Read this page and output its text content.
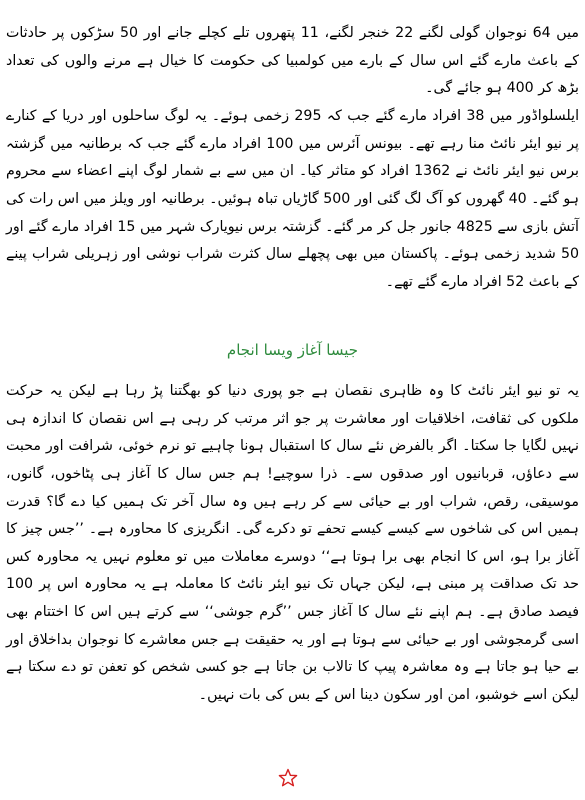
میں 64 نوجوان گولی لگنے 22 خنجر لگنے، 11 پتھروں تلے کچلے جانے اور 50 سڑکوں پر حادثات کے باعث مارے گئے اس سال کے بارے میں کولمبیا کی حکومت کا خیال ہے مرنے والوں کی تعداد بڑھ کر 400 ہو جائے گی۔

ایلسلواڈور میں 38 افراد مارے گئے جب کہ 295 زخمی ہوئے۔ یہ لوگ ساحلوں اور دریا کے کنارے پر نیو ایئر نائٹ منا رہے تھے۔ بیونس آئرس میں 100 افراد مارے گئے جب کہ برطانیہ میں گزشتہ برس نیو ایئر نائٹ نے 1362 افراد کو متاثر کیا۔ ان میں سے بے شمار لوگ اپنے اعضاء سے محروم ہو گئے۔ 40 گھروں کو آگ لگ گئی اور 500 گاڑیاں تباہ ہوئیں۔ برطانیہ اور ویلز میں اس رات کی آتش بازی سے 4825 جانور جل کر مر گئے۔ گزشتہ برس نیویارک شہر میں 15 افراد مارے گئے اور 50 شدید زخمی ہوئے۔ پاکستان میں بھی پچھلے سال کثرت شراب نوشی اور زہریلی شراب پینے کے باعث 52 افراد مارے گئے تھے۔

جیسا آغاز ویسا انجام

یہ تو نیو ایئر نائٹ کا وہ ظاہری نقصان ہے جو پوری دنیا کو بھگتنا پڑ رہا ہے لیکن یہ حرکت ملکوں کی ثقافت، اخلاقیات اور معاشرت پر جو اثر مرتب کر رہی ہے اس نقصان کا اندازہ ہی نہیں لگایا جا سکتا۔ اگر بالفرض نئے سال کا استقبال ہونا چاہیے تو نرم خوئی، شرافت اور محبت سے دعاؤں، قربانیوں اور صدقوں سے۔ ذرا سوچیے! ہم جس سال کا آغاز ہی پٹاخوں، گانوں، موسیقی، رقص، شراب اور بے حیائی سے کر رہے ہیں وہ سال آخر تک ہمیں کیا دے گا؟ قدرت ہمیں اس کی شاخوں سے کیسے کیسے تحفے تو دکرے گی۔ انگریزی کا محاورہ ہے۔ ’’جس چیز کا آغاز برا ہو، اس کا انجام بھی برا ہوتا ہے‘‘ دوسرے معاملات میں تو معلوم نہیں یہ محاورہ کس حد تک صداقت پر مبنی ہے، لیکن جہاں تک نیو ایئر نائٹ کا معاملہ ہے یہ محاورہ اس پر 100 فیصد صادق ہے۔ ہم اپنے نئے سال کا آغاز جس ’’گرم جوشی‘‘ سے کرتے ہیں اس کا اختتام بھی اسی گرمجوشی اور بے حیائی سے ہوتا ہے اور یہ حقیقت ہے جس معاشرے کا نوجوان بداخلاق اور بے حیا ہو جاتا ہے وہ معاشرہ پیپ کا تالاب بن جاتا ہے جو کسی شخص کو تعفن تو دے سکتا ہے لیکن اسے خوشبو، امن اور سکون دینا اس کے بس کی بات نہیں۔
